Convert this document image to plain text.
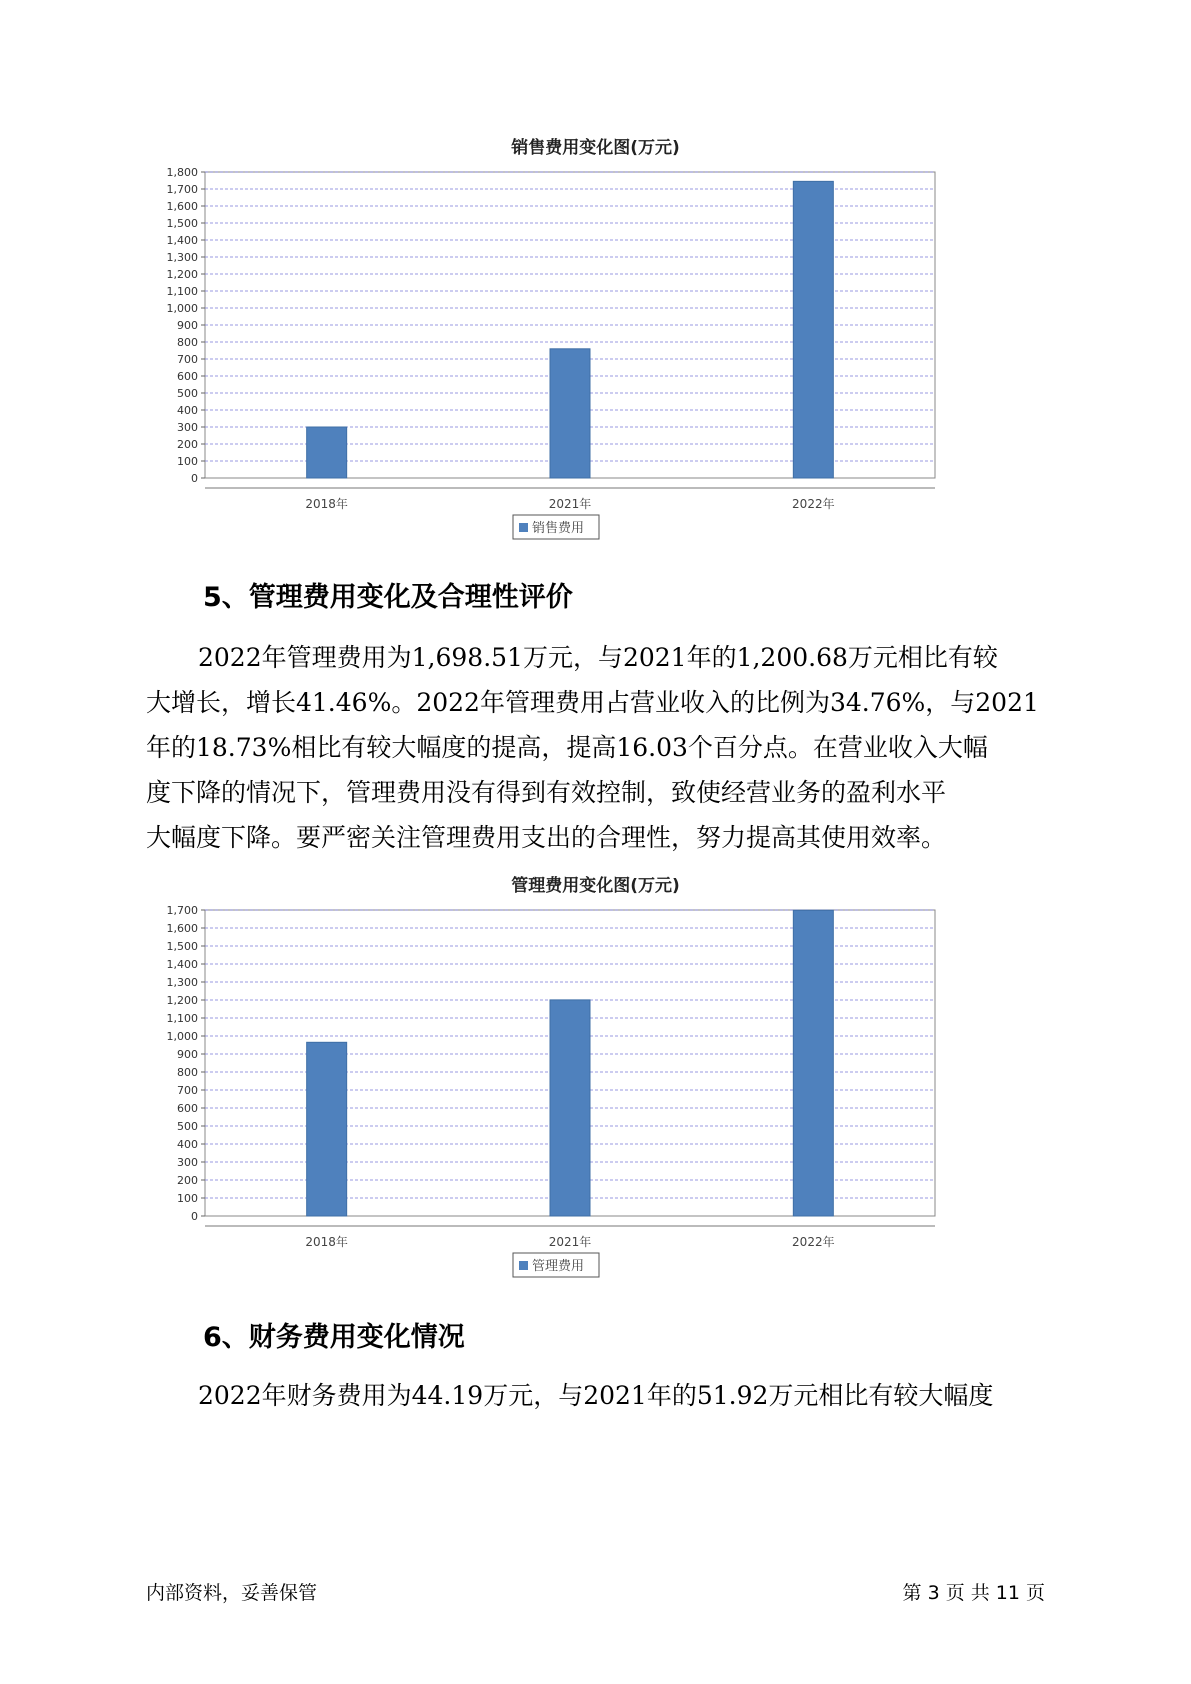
销售费用变化图(万元)
0
100
200
300
400
500
600
700
800
900
1,000
1,100
1,200
1,300
1,400
1,500
1,600
1,700
1,800
2018年	2021年	2022年
销售费用
5、管理费用变化及合理性评价
2022年管理费用为1,698.51万元，与2021年的1,200.68万元相比有较
大增长，增长41.46%。2022年管理费用占营业收入的比例为34.76%，与2021
年的18.73%相比有较大幅度的提高，提高16.03个百分点。在营业收入大幅
度下降的情况下，管理费用没有得到有效控制，致使经营业务的盈利水平
大幅度下降。要严密关注管理费用支出的合理性，努力提高其使用效率。
管理费用变化图(万元)
0
100
200
300
400
500
600
700
800
900
1,000
1,100
1,200
1,300
1,400
1,500
1,600
1,700
2018年	2021年	2022年
管理费用
6、财务费用变化情况
2022年财务费用为44.19万元，与2021年的51.92万元相比有较大幅度
内部资料，妥善保管	第 3 页 共 11 页
